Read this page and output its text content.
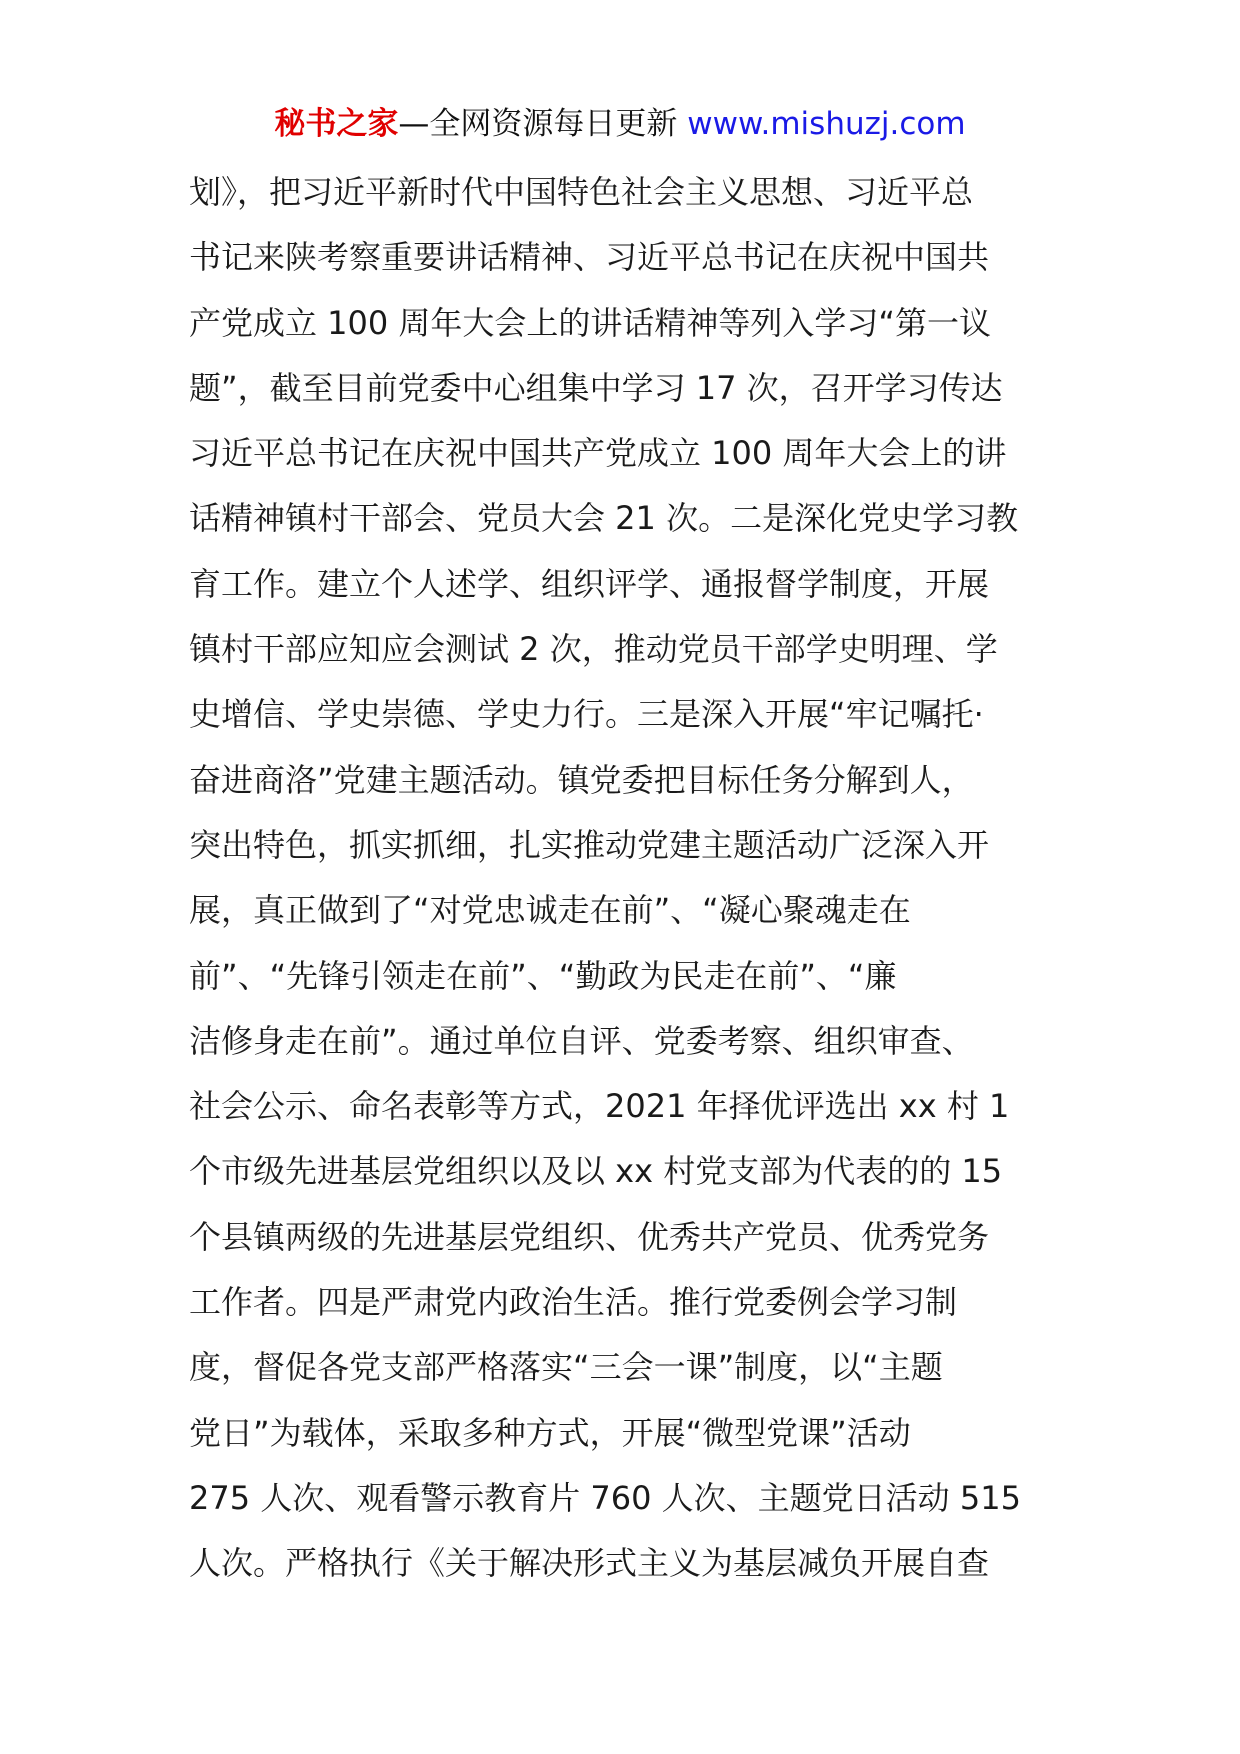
秘书之家—全网资源每日更新 www.mishuzj.com
划》，把习近平新时代中国特色社会主义思想、习近平总
书记来陕考察重要讲话精神、习近平总书记在庆祝中国共
产党成立 100 周年大会上的讲话精神等列入学习“第一议
题”，截至目前党委中心组集中学习 17 次，召开学习传达
习近平总书记在庆祝中国共产党成立 100 周年大会上的讲
话精神镇村干部会、党员大会 21 次。二是深化党史学习教
育工作。建立个人述学、组织评学、通报督学制度，开展
镇村干部应知应会测试 2 次，推动党员干部学史明理、学
史增信、学史崇德、学史力行。三是深入开展“牢记嘱托·
奋进商洛”党建主题活动。镇党委把目标任务分解到人，
突出特色，抓实抓细，扎实推动党建主题活动广泛深入开
展，真正做到了“对党忠诚走在前”、“凝心聚魂走在
前”、“先锋引领走在前”、“勤政为民走在前”、“廉
洁修身走在前”。通过单位自评、党委考察、组织审查、
社会公示、命名表彰等方式，2021 年择优评选出 xx 村 1
个市级先进基层党组织以及以 xx 村党支部为代表的的 15
个县镇两级的先进基层党组织、优秀共产党员、优秀党务
工作者。四是严肃党内政治生活。推行党委例会学习制
度，督促各党支部严格落实“三会一课”制度，以“主题
党日”为载体，采取多种方式，开展“微型党课”活动
275 人次、观看警示教育片 760 人次、主题党日活动 515
人次。严格执行《关于解决形式主义为基层减负开展自查
